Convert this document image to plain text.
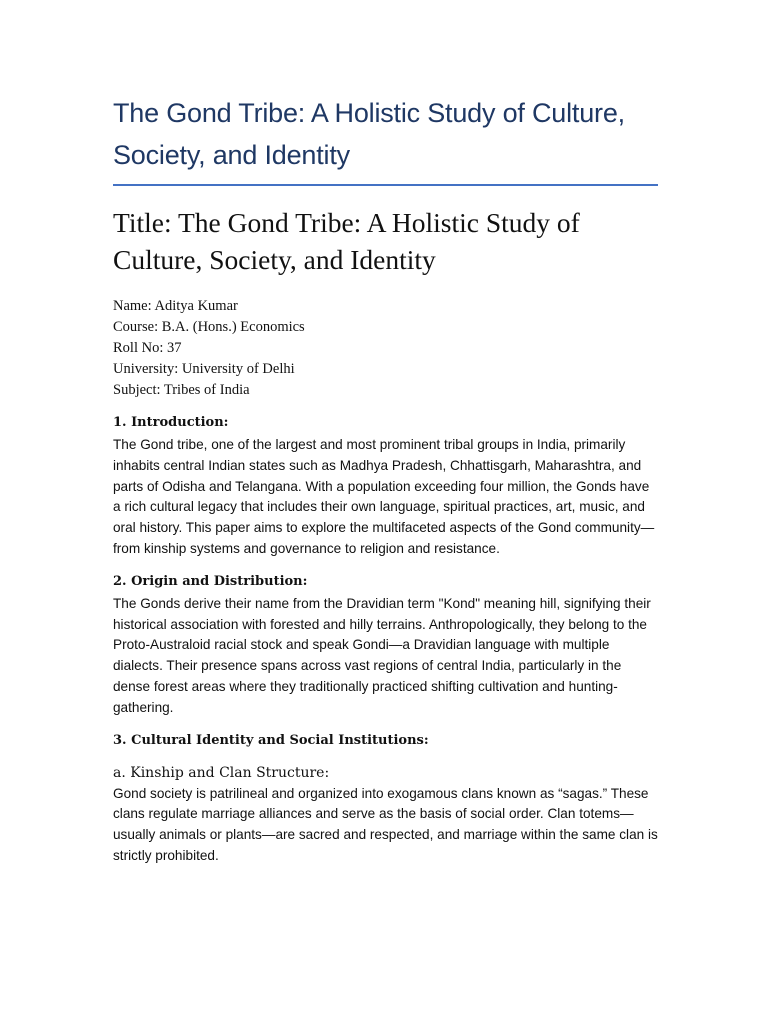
The Gond Tribe: A Holistic Study of Culture, Society, and Identity
Title: The Gond Tribe: A Holistic Study of Culture, Society, and Identity

Name: Aditya Kumar

Course: B.A. (Hons.) Economics

Roll No: 37

University: University of Delhi

Subject: Tribes of India

1. Introduction:

The Gond tribe, one of the largest and most prominent tribal groups in India, primarily inhabits central Indian states such as Madhya Pradesh, Chhattisgarh, Maharashtra, and parts of Odisha and Telangana. With a population exceeding four million, the Gonds have a rich cultural legacy that includes their own language, spiritual practices, art, music, and oral history. This paper aims to explore the multifaceted aspects of the Gond community—from kinship systems and governance to religion and resistance.

2. Origin and Distribution:

The Gonds derive their name from the Dravidian term "Kond" meaning hill, signifying their historical association with forested and hilly terrains. Anthropologically, they belong to the Proto-Australoid racial stock and speak Gondi—a Dravidian language with multiple dialects. Their presence spans across vast regions of central India, particularly in the dense forest areas where they traditionally practiced shifting cultivation and hunting-gathering.

3. Cultural Identity and Social Institutions:
a. Kinship and Clan Structure:

Gond society is patrilineal and organized into exogamous clans known as “sagas.” These clans regulate marriage alliances and serve as the basis of social order. Clan totems—usually animals or plants—are sacred and respected, and marriage within the same clan is strictly prohibited.
